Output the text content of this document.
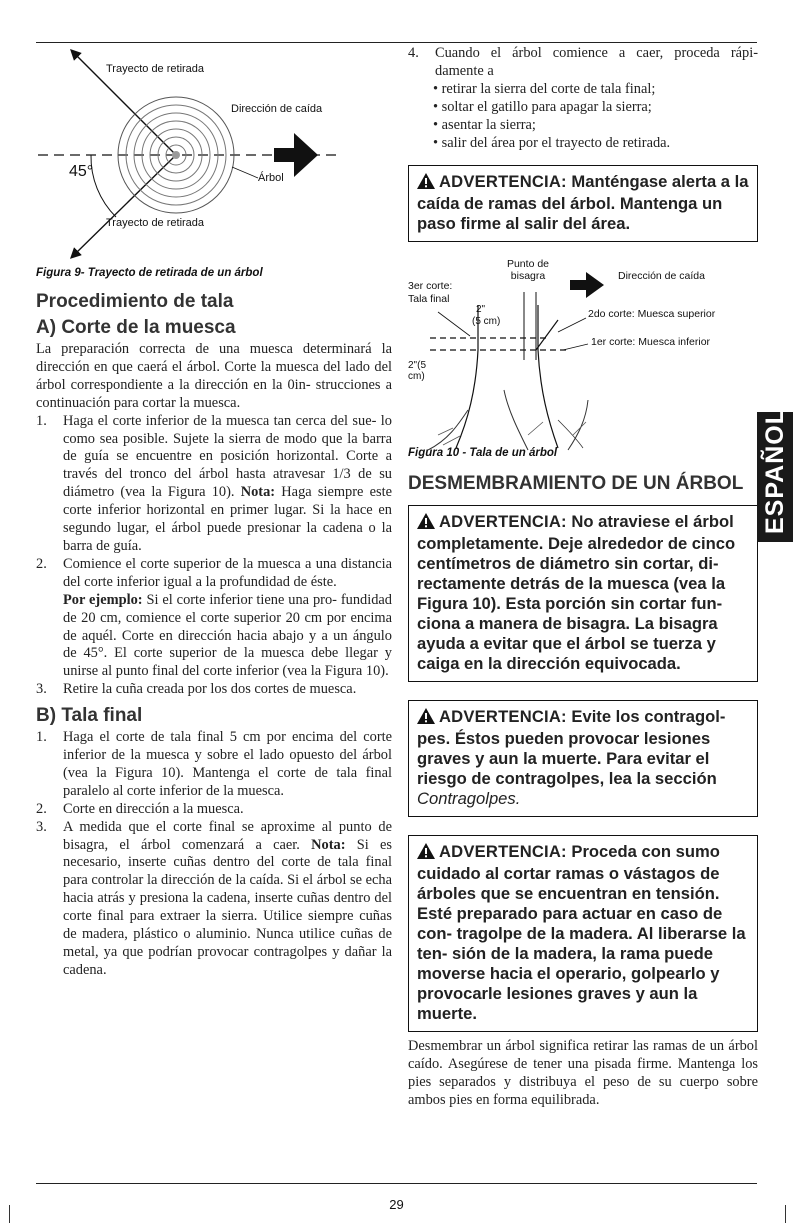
Trayecto de retirada
Dirección de caída
45°	Árbol
Trayecto de retirada
Figura 9- Trayecto de retirada de un árbol
Procedimiento de tala
A) Corte de la muesca

La preparación correcta de una muesca determinará la dirección en que caerá el árbol. Corte la muesca del lado del árbol correspondiente a la dirección en la 0in- strucciones a continuación para cortar la muesca.

1. Haga el corte inferior de la muesca tan cerca del sue- lo como sea posible. Sujete la sierra de modo que la barra de guía se encuentre en posición horizontal. Corte a través del tronco del árbol hasta atravesar 1/3 de su diámetro (vea la Figura 10). Nota: Haga siempre este corte inferior horizontal en primer lugar. Si la hace en segundo lugar, el árbol puede presionar la cadena o la barra de guía.
2. Comience el corte superior de la muesca a una distancia del corte inferior igual a la profundidad de éste.
Por ejemplo: Si el corte inferior tiene una pro- fundidad de 20 cm, comience el corte superior 20 cm por encima de aquél. Corte en dirección hacia abajo y a un ángulo de 45°. El corte superior de la muesca debe llegar y unirse al punto final del corte inferior (vea la Figura 10).
3. Retire la cuña creada por los dos cortes de muesca.
B) Tala final
1. Haga el corte de tala final 5 cm por encima del corte inferior de la muesca y sobre el lado opuesto del árbol (vea la Figura 10). Mantenga el corte de tala final paralelo al corte inferior de la muesca.
2. Corte en dirección a la muesca.
3. A medida que el corte final se aproxime al punto de bisagra, el árbol comenzará a caer. Nota: Si es necesario, inserte cuñas dentro del corte de tala final para controlar la dirección de la caída. Si el árbol se echa hacia atrás y presiona la cadena, inserte cuñas dentro del corte final para extraer la sierra. Utilice siempre cuñas de madera, plástico o aluminio. Nunca utilice cuñas de metal, ya que podrían provocar contragolpes y dañar la cadena.
4. Cuando el árbol comience a caer, proceda rápi- damente a
• retirar la sierra del corte de tala final;
• soltar el gatillo para apagar la sierra;
• asentar la sierra;
• salir del área por el trayecto de retirada.
ADVERTENCIA: Manténgase alerta a la caída de ramas del árbol. Mantenga un paso firme al salir del área.
3er corte:
Tala final
Punto de bisagra	Dirección de caída
2"
(5 cm)
2do corte: Muesca superior
1er corte: Muesca inferior
2"(5 cm)
Figura 10 - Tala de un árbol
DESMEMBRAMIENTO DE UN ÁRBOL
ADVERTENCIA: No atraviese el árbol completamente. Deje alrededor de cinco centímetros de diámetro sin cortar, di- rectamente detrás de la muesca (vea la Figura 10). Esta porción sin cortar fun- ciona a manera de bisagra. La bisagra ayuda a evitar que el árbol se tuerza y caiga en la dirección equivocada.
ADVERTENCIA: Evite los contragol- pes. Éstos pueden provocar lesiones graves y aun la muerte. Para evitar el riesgo de contragolpes, lea la sección Contragolpes.
ADVERTENCIA: Proceda con sumo cuidado al cortar ramas o vástagos de árboles que se encuentran en tensión. Esté preparado para actuar en caso de con- tragolpe de la madera. Al liberarse la ten- sión de la madera, la rama puede moverse hacia el operario, golpearlo y provocarle lesiones graves y aun la muerte.

Desmembrar un árbol significa retirar las ramas de un árbol caído. Asegúrese de tener una pisada firme. Mantenga los pies separados y distribuya el peso de su cuerpo sobre ambos pies en forma equilibrada.

ESPAÑOL
29
